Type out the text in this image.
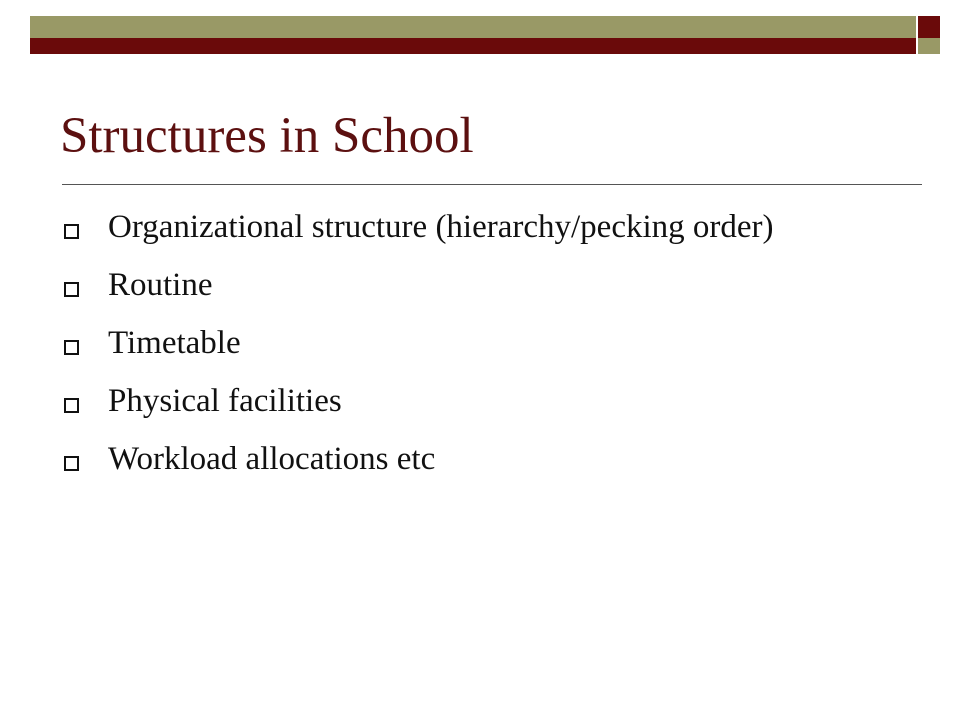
Structures in School
Organizational structure (hierarchy/pecking order)
Routine
Timetable
Physical facilities
Workload allocations etc
